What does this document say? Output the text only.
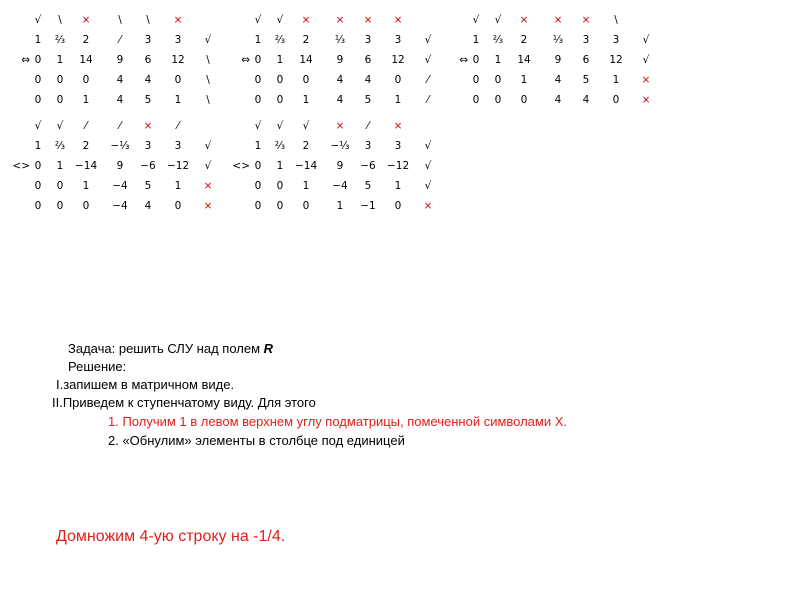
√	\	×	\	\	×
1	⅔	2	⁄	3	3	√
⇔ 0	1	14	9	6	12	\
0	0	0	4	4	0	\
0	0	1	4	5	1	\
√	√	×	×	×	×
1	⅔	2	⅓	3	3	√
⇔ 0	1	14	9	6	12	√
0	0	0	4	4	0	⁄
0	0	1	4	5	1	⁄
√	√	×	×	×	\
1	⅔	2	⅓	3	3	√
⇔ 0	1	14	9	6	12	√
0	0	1	4	5	1	×
0	0	0	4	4	0	×
√	√	⁄	⁄	×	⁄
1	⅔	2	−⅓	3	3	√
<> 0	1	−14	9	−6	−12	√
0	0	1	−4	5	1	×
0	0	0	−4	4	0	×
√	√	√	×	⁄	×
1	⅔	2	−⅓	3	3	√
<> 0	1	−14	9	−6	−12	√
0	0	1	−4	5	1	√
0	0	0	1	−1	0	×
Задача: решить СЛУ над полем R
Решение:
I.запишем в матричном виде.
II.Приведем к ступенчатому виду. Для этого
1. Получим 1 в левом верхнем углу подматрицы, помеченной символами Х.
2. «Обнулим» элементы в столбце под единицей
Домножим 4-ую строку на -1/4.
